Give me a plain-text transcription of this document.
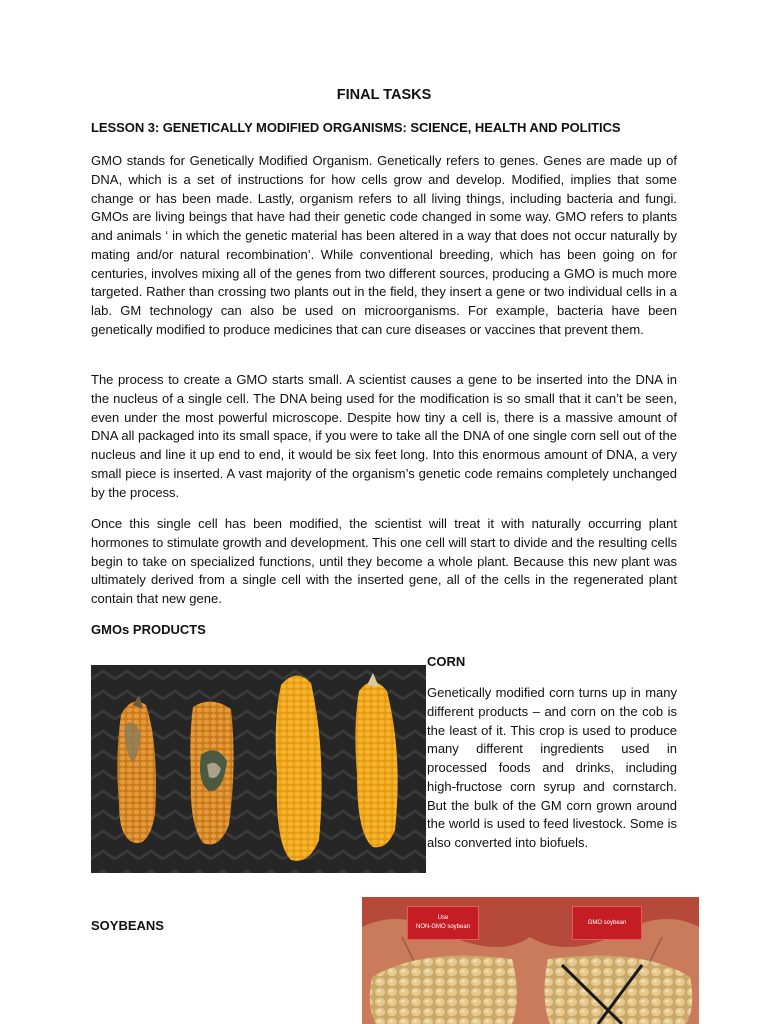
FINAL TASKS
LESSON 3: GENETICALLY MODIFIED ORGANISMS: SCIENCE, HEALTH AND POLITICS

GMO stands for Genetically Modified Organism. Genetically refers to genes. Genes are made up of DNA, which is a set of instructions for how cells grow and develop. Modified, implies that some change or has been made. Lastly, organism refers to all living things, including bacteria and fungi. GMOs are living beings that have had their genetic code changed in some way. GMO refers to plants and animals ‘ in which the genetic material has been altered in a way that does not occur naturally by mating and/or natural recombination’. While conventional breeding, which has been going on for centuries, involves mixing all of the genes from two different sources, producing a GMO is much more targeted. Rather than crossing two plants out in the field, they insert a gene or two individual cells in a lab. GM technology can also be used on microorganisms. For example, bacteria have been genetically modified to produce medicines that can cure diseases or vaccines that prevent them.

The process to create a GMO starts small. A scientist causes a gene to be inserted into the DNA in the nucleus of a single cell. The DNA being used for the modification is so small that it can’t be seen, even under the most powerful microscope. Despite how tiny a cell is, there is a massive amount of DNA all packaged into its small space, if you were to take all the DNA of one single corn sell out of the nucleus and line it up end to end, it would be six feet long. Into this enormous amount of DNA, a very small piece is inserted. A vast majority of the organism’s genetic code remains completely unchanged by the process.

Once this single cell has been modified, the scientist will treat it with naturally occurring plant hormones to stimulate growth and development. This one cell will start to divide and the resulting cells begin to take on specialized functions, until they become a whole plant. Because this new plant was ultimately derived from a single cell with the inserted gene, all of the cells in the regenerated plant contain that new gene.

GMOs PRODUCTS
CORN

Genetically modified corn turns up in many different products – and corn on the cob is the least of it. This crop is used to produce many different ingredients used in processed foods and drinks, including high-fructose corn syrup and cornstarch. But the bulk of the GM corn grown around the world is used to feed livestock. Some is also converted into biofuels.

SOYBEANS	Use
NON-GMO soybean
GMO soybean
